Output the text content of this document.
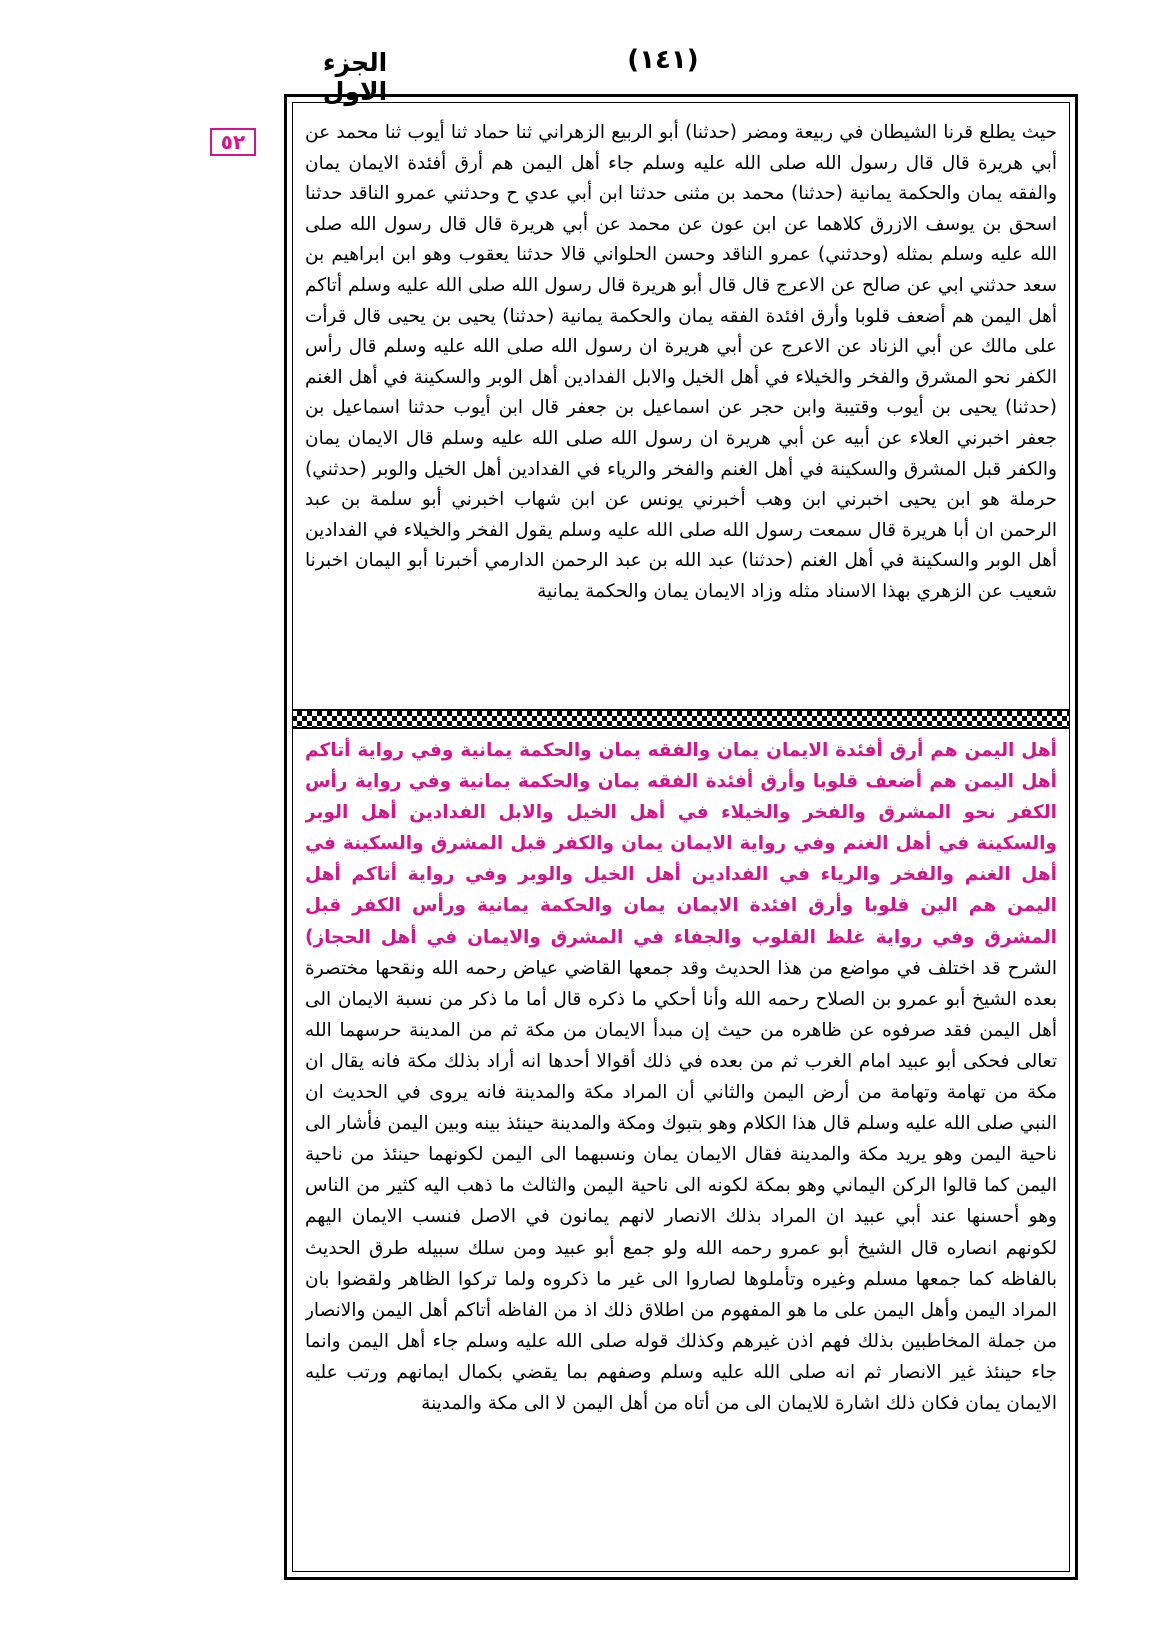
الجزء الاول
(١٤١)
٥٢	حيث يطلع قرنا الشيطان في ربيعة ومضر (حدثنا) أبو الربيع الزهراني ثنا حماد ثنا أيوب ثنا محمد عن أبي هريرة قال قال رسول الله صلى الله عليه وسلم جاء أهل اليمن هم أرق أفئدة الايمان يمان والفقه يمان والحكمة يمانية (حدثنا) محمد بن مثنى حدثنا ابن أبي عدي ح وحدثني عمرو الناقد حدثنا اسحق بن يوسف الازرق كلاهما عن ابن عون عن محمد عن أبي هريرة قال قال رسول الله صلى الله عليه وسلم بمثله (وحدثني) عمرو الناقد وحسن الحلواني قالا حدثنا يعقوب وهو ابن ابراهيم بن سعد حدثني ابي عن صالح عن الاعرج قال قال أبو هريرة قال رسول الله صلى الله عليه وسلم أتاكم أهل اليمن هم أضعف قلوبا وأرق افئدة الفقه يمان والحكمة يمانية (حدثنا) يحيى بن يحيى قال قرأت على مالك عن أبي الزناد عن الاعرج عن أبي هريرة ان رسول الله صلى الله عليه وسلم قال رأس الكفر نحو المشرق والفخر والخيلاء في أهل الخيل والابل الفدادين أهل الوبر والسكينة في أهل الغنم (حدثنا) يحيى بن أيوب وقتيبة وابن حجر عن اسماعيل بن جعفر قال ابن أيوب حدثنا اسماعيل بن جعفر اخبرني العلاء عن أبيه عن أبي هريرة ان رسول الله صلى الله عليه وسلم قال الايمان يمان والكفر قبل المشرق والسكينة في أهل الغنم والفخر والرياء في الفدادين أهل الخيل والوبر (حدثني) حرملة هو ابن يحيى اخبرني ابن وهب أخبرني يونس عن ابن شهاب اخبرني أبو سلمة بن عبد الرحمن ان أبا هريرة قال سمعت رسول الله صلى الله عليه وسلم يقول الفخر والخيلاء في الفدادين أهل الوبر والسكينة في أهل الغنم (حدثنا) عبد الله بن عبد الرحمن الدارمي أخبرنا أبو اليمان اخبرنا شعيب عن الزهري بهذا الاسناد مثله وزاد الايمان يمان والحكمة يمانية
أهل اليمن هم أرق أفئدة الايمان يمان والفقه يمان والحكمة يمانية وفي رواية أتاكم أهل اليمن هم أضعف قلوبا وأرق أفئدة الفقه يمان والحكمة يمانية وفي رواية رأس الكفر نحو المشرق والفخر والخيلاء في أهل الخيل والابل الفدادين أهل الوبر والسكينة في أهل الغنم وفي رواية الايمان يمان والكفر قبل المشرق والسكينة في أهل الغنم والفخر والرياء في الفدادين أهل الخيل والوبر وفي رواية أتاكم أهل اليمن هم الين قلوبا وأرق افئدة الايمان يمان والحكمة يمانية ورأس الكفر قبل المشرق وفي رواية غلظ القلوب والجفاء في المشرق والايمان في أهل الحجاز) الشرح قد اختلف في مواضع من هذا الحديث وقد جمعها القاضي عياض رحمه الله ونقحها مختصرة بعده الشيخ أبو عمرو بن الصلاح رحمه الله وأنا أحكي ما ذكره قال أما ما ذكر من نسبة الايمان الى أهل اليمن فقد صرفوه عن ظاهره من حيث إن مبدأ الايمان من مكة ثم من المدينة حرسهما الله تعالى فحكى أبو عبيد امام الغرب ثم من بعده في ذلك أقوالا أحدها انه أراد بذلك مكة فانه يقال ان مكة من تهامة وتهامة من أرض اليمن والثاني أن المراد مكة والمدينة فانه يروى في الحديث ان النبي صلى الله عليه وسلم قال هذا الكلام وهو بتبوك ومكة والمدينة حينئذ بينه وبين اليمن فأشار الى ناحية اليمن وهو يريد مكة والمدينة فقال الايمان يمان ونسبهما الى اليمن لكونهما حينئذ من ناحية اليمن كما قالوا الركن اليماني وهو بمكة لكونه الى ناحية اليمن والثالث ما ذهب اليه كثير من الناس وهو أحسنها عند أبي عبيد ان المراد بذلك الانصار لانهم يمانون في الاصل فنسب الايمان اليهم لكونهم انصاره قال الشيخ أبو عمرو رحمه الله ولو جمع أبو عبيد ومن سلك سبيله طرق الحديث بالفاظه كما جمعها مسلم وغيره وتأملوها لصاروا الى غير ما ذكروه ولما تركوا الظاهر ولقضوا بان المراد اليمن وأهل اليمن على ما هو المفهوم من اطلاق ذلك اذ من الفاظه أتاكم أهل اليمن والانصار من جملة المخاطبين بذلك فهم اذن غيرهم وكذلك قوله صلى الله عليه وسلم جاء أهل اليمن وانما جاء حينئذ غير الانصار ثم انه صلى الله عليه وسلم وصفهم بما يقضي بكمال ايمانهم ورتب عليه الايمان يمان فكان ذلك اشارة للايمان الى من أتاه من أهل اليمن لا الى مكة والمدينة
